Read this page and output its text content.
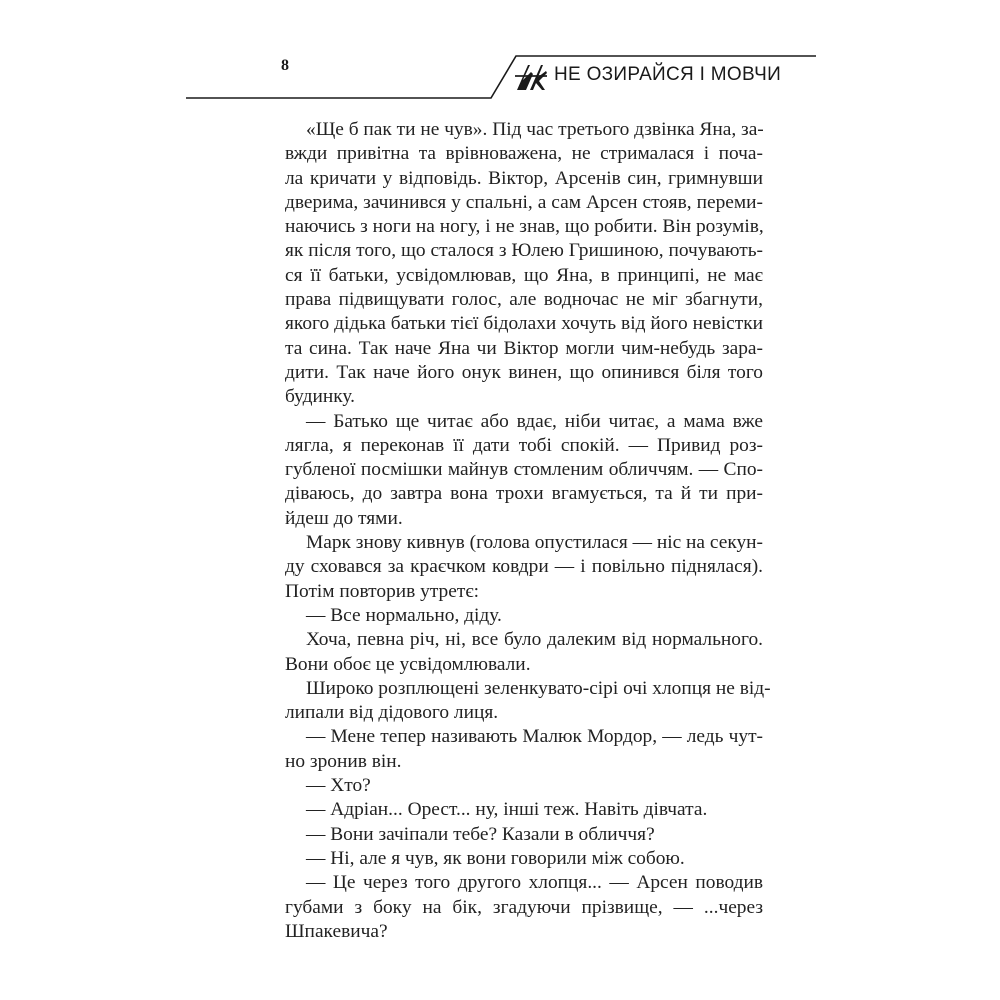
8	НЕ ОЗИРАЙСЯ І МОВЧИ
«Ще б пак ти не чув». Під час третього дзвінка Яна, за-
вжди привітна та врівноважена, не стрималася і поча-
ла кричати у відповідь. Віктор, Арсенів син, гримнувши
дверима, зачинився у спальні, а сам Арсен стояв, переми-
наючись з ноги на ногу, і не знав, що робити. Він розумів,
як після того, що сталося з Юлею Гришиною, почувають-
ся її батьки, усвідомлював, що Яна, в принципі, не має
права підвищувати голос, але водночас не міг збагнути,
якого дідька батьки тієї бідолахи хочуть від його невістки
та сина. Так наче Яна чи Віктор могли чим-небудь зара-
дити. Так наче його онук винен, що опинився біля того
будинку.
— Батько ще читає або вдає, ніби читає, а мама вже
лягла, я переконав її дати тобі спокій. — Привид роз-
губленої посмішки майнув стомленим обличчям. — Спо-
діваюсь, до завтра вона трохи вгамується, та й ти при-
йдеш до тями.
Марк знову кивнув (голова опустилася — ніс на секун-
ду сховався за краєчком ковдри — і повільно піднялася).
Потім повторив утретє:
— Все нормально, діду.
Хоча, певна річ, ні, все було далеким від нормального.
Вони обоє це усвідомлювали.
Широко розплющені зеленкувато-сірі очі хлопця не від-
липали від дідового лиця.
— Мене тепер називають Малюк Мордор, — ледь чут-
но зронив він.
— Хто?
— Адріан... Орест... ну, інші теж. Навіть дівчата.
— Вони зачіпали тебе? Казали в обличчя?
— Ні, але я чув, як вони говорили між собою.
— Це через того другого хлопця... — Арсен поводив
губами з боку на бік, згадуючи прізвище, — ...через
Шпакевича?
